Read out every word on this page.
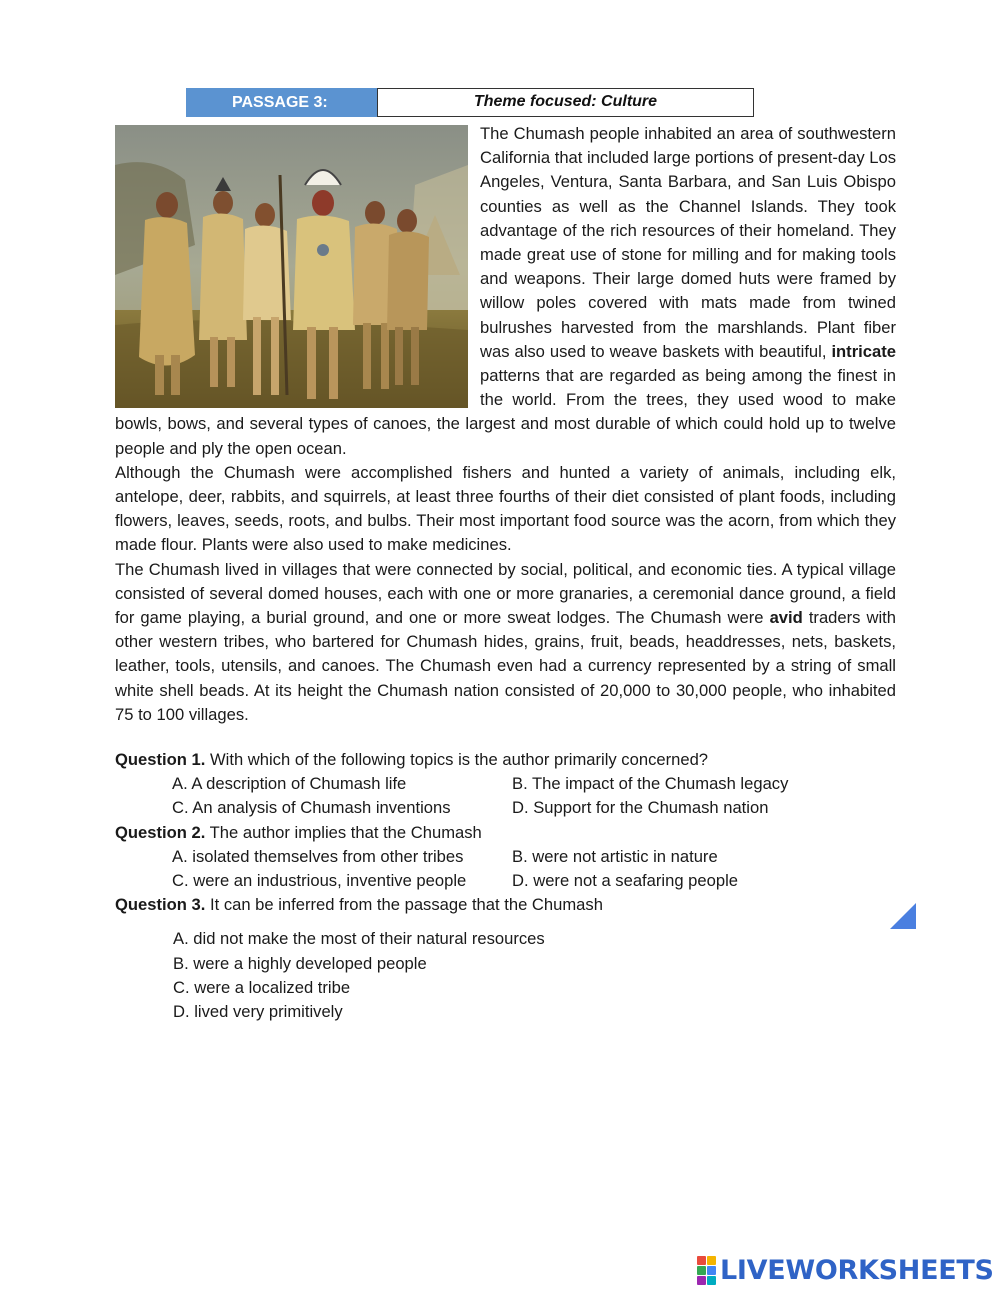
PASSAGE 3:	Theme focused: Culture

The Chumash people inhabited an area of southwestern California that included large portions of present-day Los Angeles, Ventura, Santa Barbara, and San Luis Obispo counties as well as the Channel Islands. They took advantage of the rich resources of their homeland. They made great use of stone for milling and for making tools and weapons. Their large domed huts were framed by willow poles covered with mats made from twined bulrushes harvested from the marshlands. Plant fiber was also used to weave baskets with beautiful, intricate patterns that are regarded as being among the finest in the world. From the trees, they used wood to make bowls, bows, and several types of canoes, the largest and most durable of which could hold up to twelve people and ply the open ocean.

Although the Chumash were accomplished fishers and hunted a variety of animals, including elk, antelope, deer, rabbits, and squirrels, at least three fourths of their diet consisted of plant foods, including flowers, leaves, seeds, roots, and bulbs. Their most important food source was the acorn, from which they made flour. Plants were also used to make medicines.

The Chumash lived in villages that were connected by social, political, and economic ties. A typical village consisted of several domed houses, each with one or more granaries, a ceremonial dance ground, a field for game playing, a burial ground, and one or more sweat lodges. The Chumash were avid traders with other western tribes, who bartered for Chumash hides, grains, fruit, beads, headdresses, nets, baskets, leather, tools, utensils, and canoes. The Chumash even had a currency represented by a string of small white shell beads. At its height the Chumash nation consisted of 20,000 to 30,000 people, who inhabited 75 to 100 villages.

Question 1. With which of the following topics is the author primarily concerned?
A. A description of Chumash life	B. The impact of the Chumash legacy
C. An analysis of Chumash inventions	D. Support for the Chumash nation
Question 2. The author implies that the Chumash
A. isolated themselves from other tribes	B. were not artistic in nature
C. were an industrious, inventive people	D. were not a seafaring people
Question 3. It can be inferred from the passage that the Chumash
A. did not make the most of their natural resources
B. were a highly developed people
C. were a localized tribe
D. lived very primitively
LIVEWORKSHEETS
